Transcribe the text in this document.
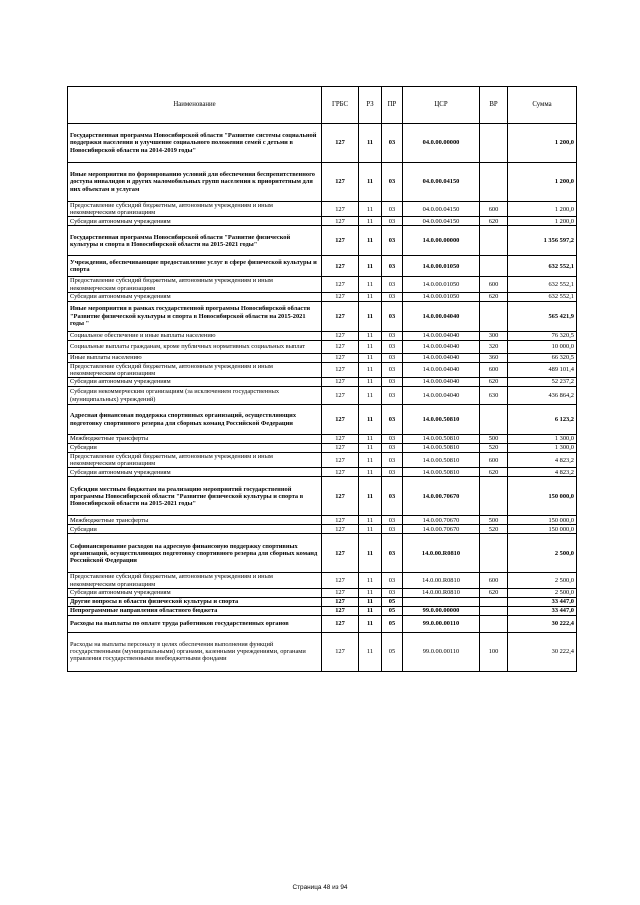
Наименование	ГРБС	РЗ	ПР	ЦСР	ВР	Сумма
Государственная программа Новосибирской области "Развитие системы социальной поддержки населения и улучшение социального положения семей с детьми в Новосибирской области на 2014-2019 годы"	127	11	03	04.0.00.00000		1 200,0
Иные мероприятия по формированию условий для обеспечения беспрепятственного доступа инвалидов и других маломобильных групп населения к приоритетным для них объектам и услугам	127	11	03	04.0.00.04150		1 200,0
Предоставление субсидий бюджетным, автономным учреждениям и иным некоммерческим организациям	127	11	03	04.0.00.04150	600	1 200,0
Субсидии автономным учреждениям	127	11	03	04.0.00.04150	620	1 200,0
Государственная программа Новосибирской области "Развитие физической культуры и спорта в Новосибирской области на 2015-2021 годы"	127	11	03	14.0.00.00000		1 356 597,2
Учреждения, обеспечивающие предоставление услуг в сфере физической культуры и спорта	127	11	03	14.0.00.01050		632 552,1
Предоставление субсидий бюджетным, автономным учреждениям и иным некоммерческим организациям	127	11	03	14.0.00.01050	600	632 552,1
Субсидии автономным учреждениям	127	11	03	14.0.00.01050	620	632 552,1
Иные мероприятия в рамках государственной программы Новосибирской области "Развитие физической культуры и спорта в Новосибирской области на 2015-2021 годы "	127	11	03	14.0.00.04040		565 421,9
Социальное обеспечение и иные выплаты населению	127	11	03	14.0.00.04040	300	76 320,5
Социальные выплаты гражданам, кроме публичных нормативных социальных выплат	127	11	03	14.0.00.04040	320	10 000,0
Иные выплаты населению	127	11	03	14.0.00.04040	360	66 320,5
Предоставление субсидий бюджетным, автономным учреждениям и иным некоммерческим организациям	127	11	03	14.0.00.04040	600	489 101,4
Субсидии автономным учреждениям	127	11	03	14.0.00.04040	620	52 237,2
Субсидии некоммерческим организациям (за исключением государственных (муниципальных) учреждений)	127	11	03	14.0.00.04040	630	436 864,2
Адресная финансовая поддержка спортивных организаций, осуществляющих подготовку спортивного резерва для сборных команд Российской Федерации	127	11	03	14.0.00.50810		6 123,2
Межбюджетные трансферты	127	11	03	14.0.00.50810	500	1 300,0
Субсидии	127	11	03	14.0.00.50810	520	1 300,0
Предоставление субсидий бюджетным, автономным учреждениям и иным некоммерческим организациям	127	11	03	14.0.00.50810	600	4 823,2
Субсидии автономным учреждениям	127	11	03	14.0.00.50810	620	4 823,2
Субсидии местным бюджетам на реализацию мероприятий государственной программы Новосибирской области "Развитие физической культуры и спорта в Новосибирской области на 2015-2021 годы"	127	11	03	14.0.00.70670		150 000,0
Межбюджетные трансферты	127	11	03	14.0.00.70670	500	150 000,0
Субсидии	127	11	03	14.0.00.70670	520	150 000,0
Софинансирование расходов на адресную финансовую поддержку спортивных организаций, осуществляющих подготовку спортивного резерва для сборных команд Российской Федерации	127	11	03	14.0.00.R0810		2 500,0
Предоставление субсидий бюджетным, автономным учреждениям и иным некоммерческим организациям	127	11	03	14.0.00.R0810	600	2 500,0
Субсидии автономным учреждениям	127	11	03	14.0.00.R0810	620	2 500,0
Другие вопросы в области физической культуры и спорта	127	11	05			33 447,0
Непрограммные направления областного бюджета	127	11	05	99.0.00.00000		33 447,0
Расходы на выплаты по оплате труда работников государственных органов	127	11	05	99.0.00.00110		30 222,4
Расходы на выплаты персоналу в целях обеспечения выполнения функций государственными (муниципальными) органами, казенными учреждениями, органами управления государственными внебюджетными фондами	127	11	05	99.0.00.00110	100	30 222,4
Страница 48 из 94
